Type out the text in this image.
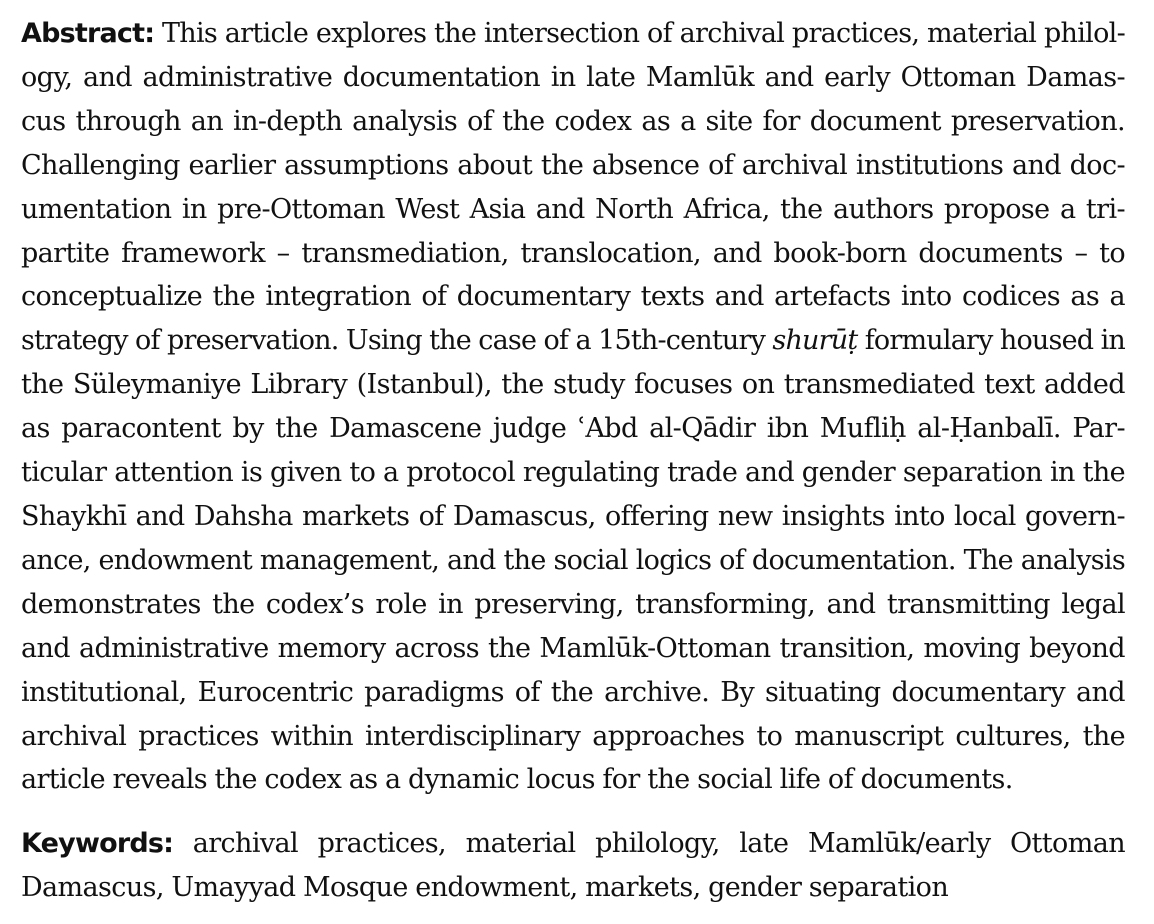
Abstract: This article explores the intersection of archival practices, material philol-
ogy, and administrative documentation in late Mamlūk and early Ottoman Damas-
cus through an in-depth analysis of the codex as a site for document preservation.
Challenging earlier assumptions about the absence of archival institutions and doc-
umentation in pre-Ottoman West Asia and North Africa, the authors propose a tri-
partite framework – transmediation, translocation, and book-born documents – to
conceptualize the integration of documentary texts and artefacts into codices as a
strategy of preservation. Using the case of a 15th-century shurūṭ formulary housed in
the Süleymaniye Library (Istanbul), the study focuses on transmediated text added
as paracontent by the Damascene judge ʿAbd al-Qādir ibn Mufliḥ al-Ḥanbalī. Par-
ticular attention is given to a protocol regulating trade and gender separation in the
Shaykhī and Dahsha markets of Damascus, offering new insights into local govern-
ance, endowment management, and the social logics of documentation. The analysis
demonstrates the codex’s role in preserving, transforming, and transmitting legal
and administrative memory across the Mamlūk-Ottoman transition, moving beyond
institutional, Eurocentric paradigms of the archive. By situating documentary and
archival practices within interdisciplinary approaches to manuscript cultures, the
article reveals the codex as a dynamic locus for the social life of documents.

Keywords: archival practices, material philology, late Mamlūk/early Ottoman
Damascus, Umayyad Mosque endowment, markets, gender separation
